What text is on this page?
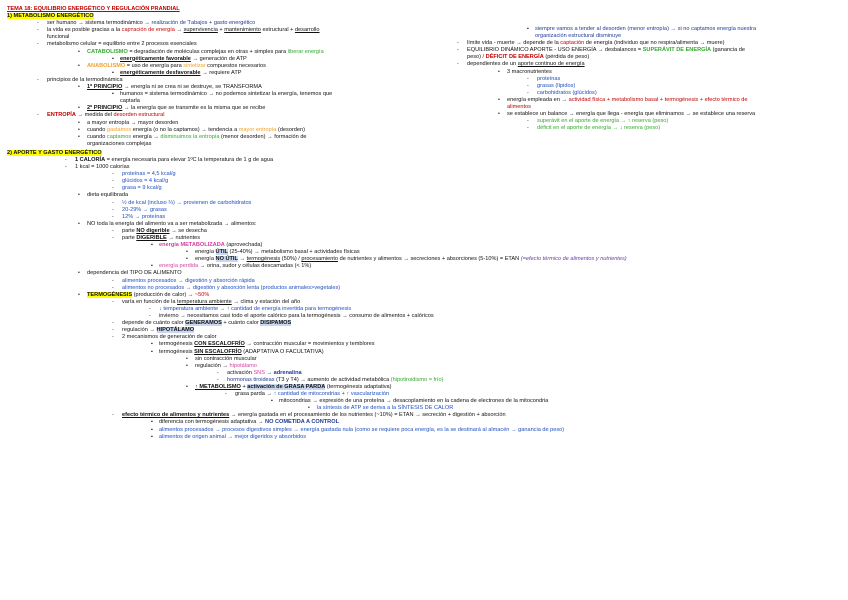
TEMA 18: EQUILIBRIO ENERGÉTICO Y REGULACIÓN PRANDIAL
1) METABOLISMO ENERGÉTICO
- ser humano → sistema termodinámico → realización de Ƭabajos + gasto energético
- la vida es posible gracias a la capᴛación de energía → supervivencia + mantenimiento estructural + desarrollo
funcional
- metabolismo celular = equilibrio entre 2 procesos esenciales
• CATABOLISMO = degradación de moléculas complejas en otras + simples para liberar energía
▪ energéticamente favorable → generación de ATP
• ANABOLISMO = uso de energía para sintetizar compuestos necesarios
▪ energéticamente desfavorable → requiere ATP
- principios de la termodinámica
• 1º PRINCIPIO → energía ni se crea ni se destruye, se TRANSFORMA
▪ humanos = sistema termodinámico → no podemos sintetizar la energía, tenemos que
captarla
• 2º PRINCIPIO → la energía que se transmite es la misma que se recibe
- ENTROPÍA → medida del desorden estructural
• a mayor entropía → mayor desorden
• cuando gastamos energía (o no la captamos) → tendencia a mayor entropía (desorden)
• cuando captamos energía → disminuimos la entropía (menor desorden) → formación de
organizaciones complejas
2) APORTE Y GASTO ENERGÉTICO
- 1 CALORÍA = energía necesaria para elevar 1ºC la temperatura de 1 g de agua
- 1 kcal = 1000 calorías
- proteínas = 4,5 kcal/g
- glúcidos = 4 kcal/g
- grasa = 9 kcal/g
• dieta equilibrada
- ½ de kcal (incluso ⅔) → provienen de carbohidratos
- 20-29% → grasas
- 12% → proteínas
• NO toda la energía del alimento va a ser metabolizada → alimentos:
- parte NO digerible → se desecha
- parte DIGERIBLE → nutrientes
▪ energía METABOLIZADA (aprovechada)
• energía ÚTIL (25-40%) → metabolismo basal + actividades físicas
• energía NO ÚTIL → termogénesis (50%) / procesamiento de nutrientes y alimentos → secreciones + absorciones (5-10%) = ETAN (=efecto térmico de alimentos y nutrientes)
▪ energía perdida → orina, sudor y células descamadas (< 1%)
• dependencia del TIPO DE ALIMENTO
- alimentos procesados → digestión y absorción rápida
- alimentos no procesados → digestión y absorción lenta (productos animales>vegetales)
• TERMOGÉNESIS (producción de calor) → ~50%
- varía en función de la temperatura ambiente → clima y estación del año
- ↓ temperatura ambiente → ↑ cantidad de energía invertida para termogénesis
- invierno → necesitamos casi todo el aporte calórico para la termogénesis → consumo de alimentos + calóricos
- depende de cuánto calor GENERAMOS + cuánto calor DISIPAMOS
- regulación → HIPOTÁLAMO
- 2 mecanismos de generación de calor
▪ termogénesis CON ESCALOFRÍO → contracción muscular = movimientos y temblores
▪ termogénesis SIN ESCALOFRÍO (ADAPTATIVA O FACULTATIVA)
• sin contracción muscular
• regulación → hipotálamo
- activación SNS → adrenalina
- hormonas tiroideas (T3 y T4) → aumento de actividad metabólica (hipotiroidismo = frío)
• ↑ METABOLISMO + activación de GRASA PARDA (termogénesis adaptativa)
- grasa parda → ↑ cantidad de mitocondrias + ↑ vascularización
▪ mitocondrias → expresión de una proteína → desacoplamiento en la cadena de electrones de la mitocondria
• la síntesis de ATP se deriva a la SÍNTESIS DE CALOR
- efecto térmico de alimentos y nutrientes → energía gastada en el procesamiento de los nutrientes (~10%) = ETAN → secreción + digestión + absorción
▪ diferencia con termogénesis adaptativa → NO COMETIDA A CONTROL
▪ alimentos procesados → procesos digestivos simples → energía gastada nula (como se requiere poca energía, es la se destinará al almacén → ganancia de peso)
▪ alimentos de origen animal → mejor digeridos y absorbidos
▪ siempre vamos a tender al desorden (menor entropía) → si no captamos energía nuestra
organización estructural disminuye
- límite vida - muerte → depende de la captación de energía (individuo que no respira/alimenta → muere)
- EQUILIBRIO DINÁMICO APORTE - USO ENERGÍA → desbalances = SUPERÁVIT DE ENERGÍA (ganancia de
peso) / DÉFICIT DE ENERGÍA (pérdida de peso)
- dependientes de un aporte continuo de energía
• 3 macronutrientes
- proteínas
- grasas (lípidos)
- carbohidratos (glúcidos)
• energía empleada en → actividad física + metabolismo basal + termogénesis + efecto térmico de
alimentos
• se establece un balance → energía que llega - energía que eliminamos → se establece una reserva
- superávit en el aporte de energía → ↑ reserva (peso)
- déficit en el aporte de energía → ↓ reserva (peso)
